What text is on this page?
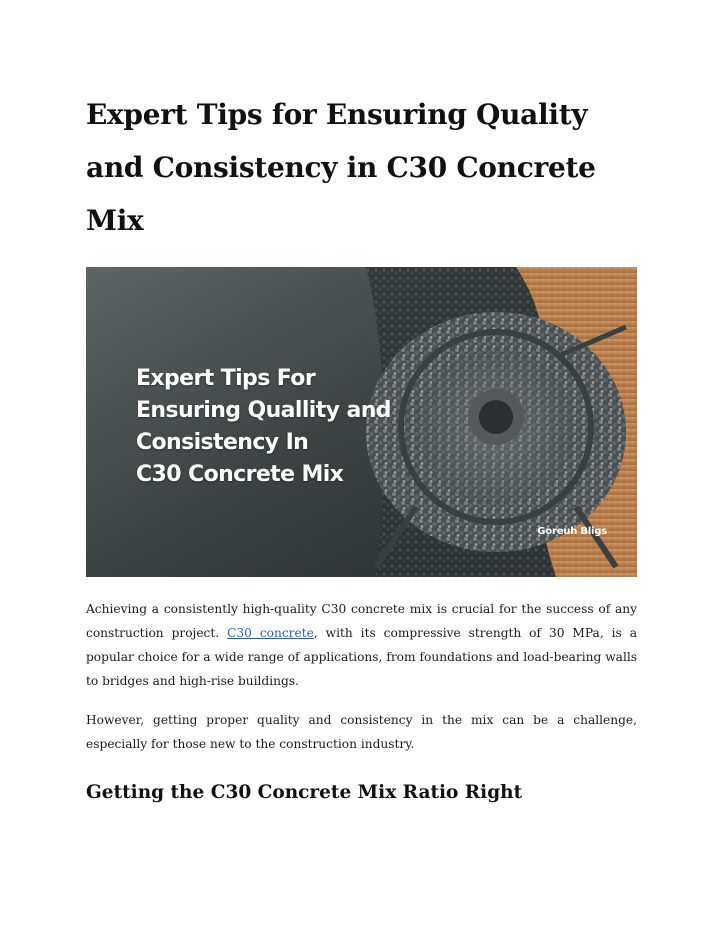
Expert Tips for Ensuring Quality and Consistency in C30 Concrete Mix
Expert Tips For
Ensuring Quallity and
Consistency In
C30 Concrete Mix
Goreuh Bligs

Achieving a consistently high-quality C30 concrete mix is crucial for the success of any construction project. C30 concrete, with its compressive strength of 30 MPa, is a popular choice for a wide range of applications, from foundations and load-bearing walls to bridges and high-rise buildings.

However, getting proper quality and consistency in the mix can be a challenge, especially for those new to the construction industry.

Getting the C30 Concrete Mix Ratio Right
